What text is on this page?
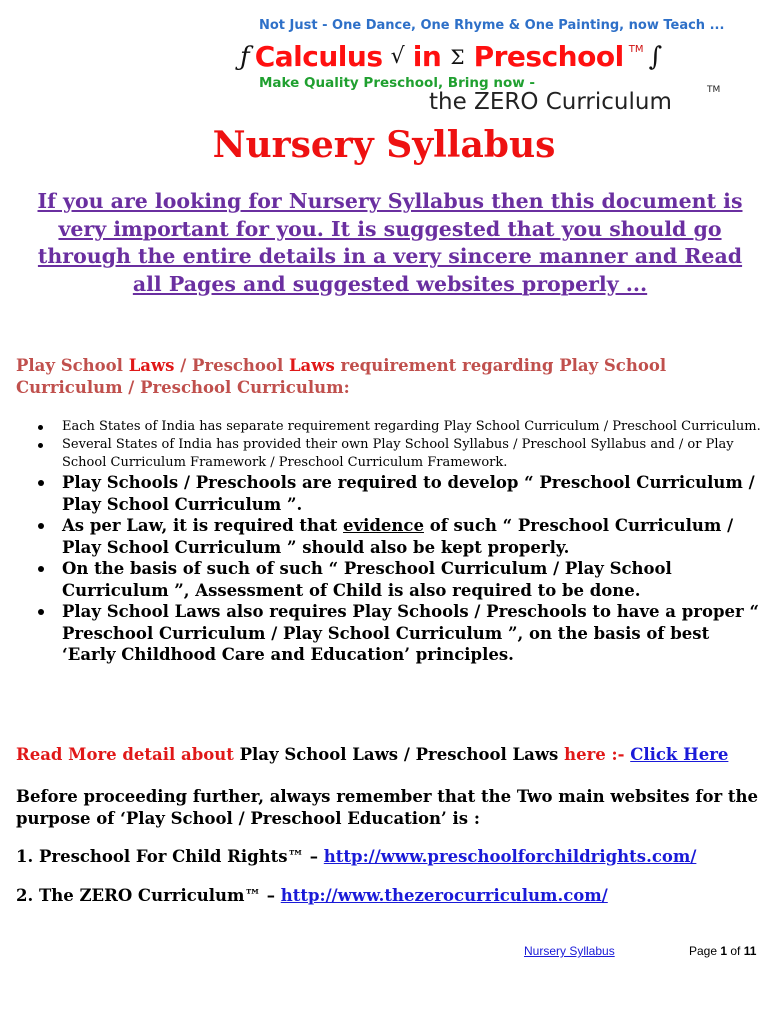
Not Just - One Dance, One Rhyme & One Painting, now Teach ...
ƒ Calculus √ in Σ Preschool TM ∫
Make Quality Preschool, Bring now -
the ZERO Curriculum	TM
Nursery Syllabus

If you are looking for Nursery Syllabus then this document is very important for you. It is suggested that you should go through the entire details in a very sincere manner and Read all Pages and suggested websites properly ...

Play School Laws / Preschool Laws requirement regarding Play School Curriculum / Preschool Curriculum:

Each States of India has separate requirement regarding Play School Curriculum / Preschool Curriculum.
Several States of India has provided their own Play School Syllabus / Preschool Syllabus and / or Play School Curriculum Framework / Preschool Curriculum Framework.
Play Schools / Preschools are required to develop “ Preschool Curriculum / Play School Curriculum ”.
As per Law, it is required that evidence of such “ Preschool Curriculum / Play School Curriculum ” should also be kept properly.
On the basis of such of such “ Preschool Curriculum / Play School Curriculum ”, Assessment of Child is also required to be done.
Play School Laws also requires Play Schools / Preschools to have a proper “ Preschool Curriculum / Play School Curriculum ”, on the basis of best ‘Early Childhood Care and Education’ principles.

Read More detail about Play School Laws / Preschool Laws here :- Click Here

Before proceeding further, always remember that the Two main websites for the purpose of ‘Play School / Preschool Education’ is :

1. Preschool For Child Rights™ – http://www.preschoolforchildrights.com/

2. The ZERO Curriculum™ – http://www.thezerocurriculum.com/

Nursery Syllabus	Page 1 of 11
